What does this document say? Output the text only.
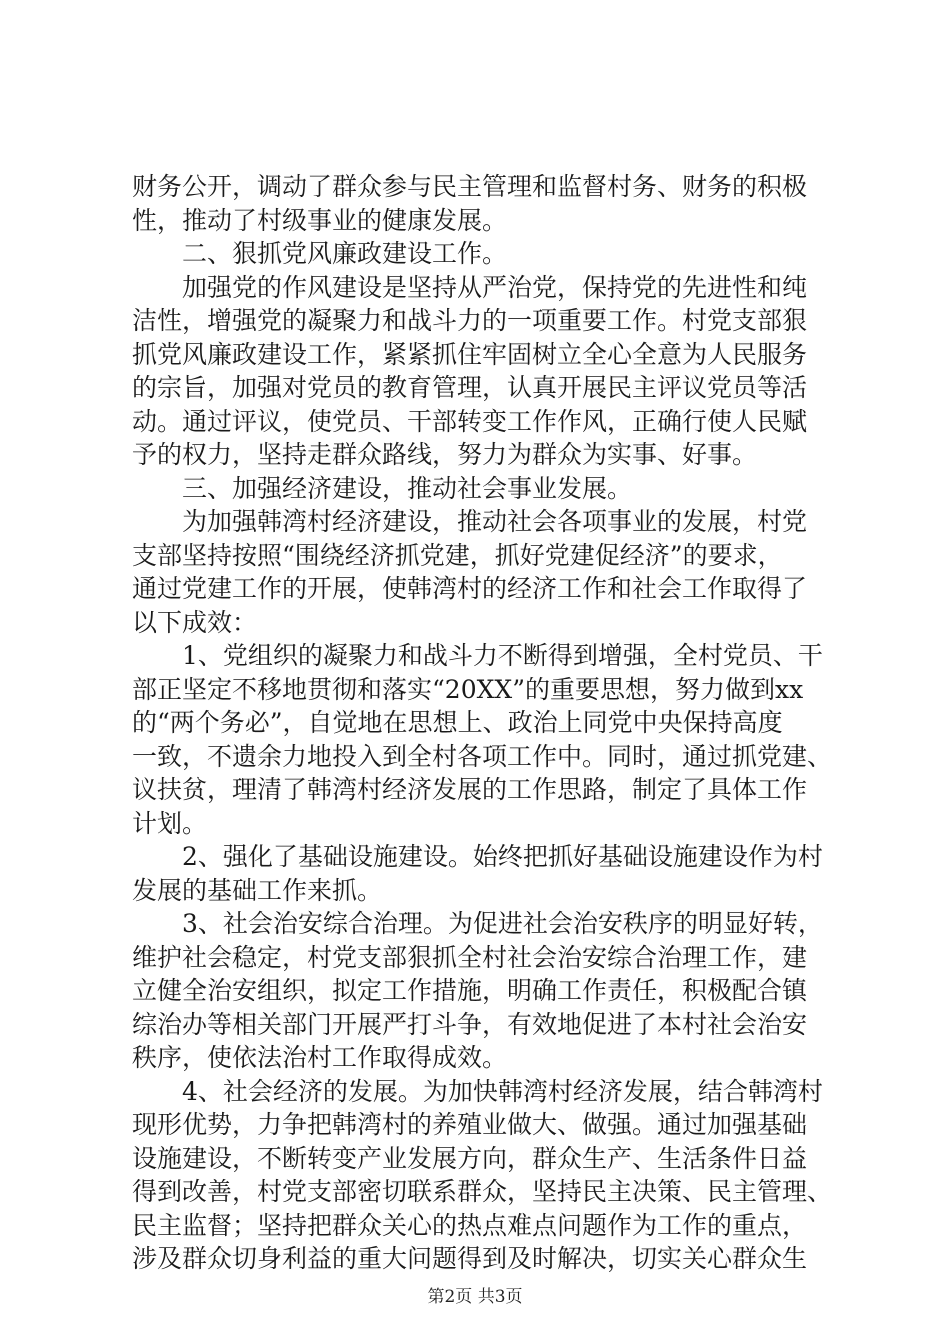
财务公开，调动了群众参与民主管理和监督村务、财务的积极
性，推动了村级事业的健康发展。
　　二、狠抓党风廉政建设工作。
　　加强党的作风建设是坚持从严治党，保持党的先进性和纯
洁性，增强党的凝聚力和战斗力的一项重要工作。村党支部狠
抓党风廉政建设工作，紧紧抓住牢固树立全心全意为人民服务
的宗旨，加强对党员的教育管理，认真开展民主评议党员等活
动。通过评议，使党员、干部转变工作作风，正确行使人民赋
予的权力，坚持走群众路线，努力为群众为实事、好事。
　　三、加强经济建设，推动社会事业发展。
　　为加强韩湾村经济建设，推动社会各项事业的发展，村党
支部坚持按照“围绕经济抓党建，抓好党建促经济”的要求，
通过党建工作的开展，使韩湾村的经济工作和社会工作取得了
以下成效：
　　1、党组织的凝聚力和战斗力不断得到增强，全村党员、干
部正坚定不移地贯彻和落实“20XX”的重要思想，努力做到xx
的“两个务必”，自觉地在思想上、政治上同党中央保持高度
一致，不遗余力地投入到全村各项工作中。同时，通过抓党建、
议扶贫，理清了韩湾村经济发展的工作思路，制定了具体工作
计划。
　　2、强化了基础设施建设。始终把抓好基础设施建设作为村
发展的基础工作来抓。
　　3、社会治安综合治理。为促进社会治安秩序的明显好转，
维护社会稳定，村党支部狠抓全村社会治安综合治理工作，建
立健全治安组织，拟定工作措施，明确工作责任，积极配合镇
综治办等相关部门开展严打斗争，有效地促进了本村社会治安
秩序，使依法治村工作取得成效。
　　4、社会经济的发展。为加快韩湾村经济发展，结合韩湾村
现形优势，力争把韩湾村的养殖业做大、做强。通过加强基础
设施建设，不断转变产业发展方向，群众生产、生活条件日益
得到改善，村党支部密切联系群众，坚持民主决策、民主管理、
民主监督；坚持把群众关心的热点难点问题作为工作的重点，
涉及群众切身利益的重大问题得到及时解决，切实关心群众生
第2页 共3页
